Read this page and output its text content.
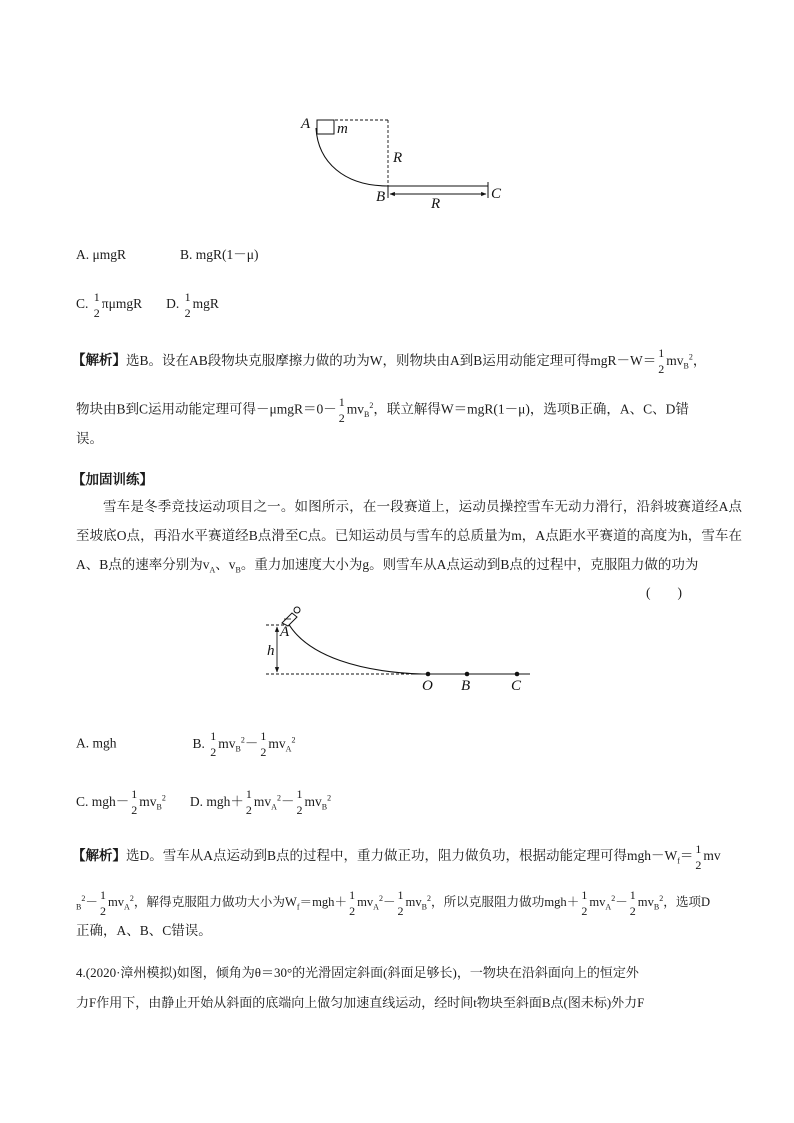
A m
R
B	R
C
A. μmgR	B. mgR(1－μ)
C. 1
2
πμmgR D. 1
2
mgR
【解析】选B。设在AB段物块克服摩擦力做的功为W，则物块由A到B运用动能定理可得mgR－W＝ 1
2
$mv_B^2$，
物块由B到C运用动能定理可得－μmgR＝0－ 1
2
$mv_B^2$，联立解得W＝mgR(1－μ)，选项B正确，A、C、D错
误。
【加固训练】
雪车是冬季竞技运动项目之一。如图所示，在一段赛道上，运动员操控雪车无动力滑行，沿斜坡赛道经A点至坡底O点，再沿水平赛道经B点滑至C点。已知运动员与雪车的总质量为m，A点距水平赛道的高度为h，雪车在A、B点的速率分别为$v_A$、$v_B$。重力加速度大小为g。则雪车从A点运动到B点的过程中，克服阻力做的功为
(　　)
A
h
O B	C
A. mgh	B. 1
2
$mv_B^2- 1$
2
$mv_A^2$
C. mgh－ 1
2
$mv_B^2$ D. mgh＋ 1
2
$mv_A^2- 1$
2
$mv_B^2$
【解析】选D。雪车从A点运动到B点的过程中，重力做正功，阻力做负功，根据动能定理可得$mgh-W_f= 1$
2
mv
$_B^2$－ 1
2
$mv_A^2$，解得克服阻力做功大小为$W_f=mgh+ 1$
2
$mv_A^2- 1$
2
$mv_B^2$，所以克服阻力做功mgh＋ 1
2
$mv_A^2- 1$
2
$mv_B^2$，选项D
正确，A、B、C错误。
4.(2020·漳州模拟)如图，倾角为θ＝30°的光滑固定斜面(斜面足够长)，一物块在沿斜面向上的恒定外
力F作用下，由静止开始从斜面的底端向上做匀加速直线运动，经时间t物块至斜面B点(图未标)外力F
